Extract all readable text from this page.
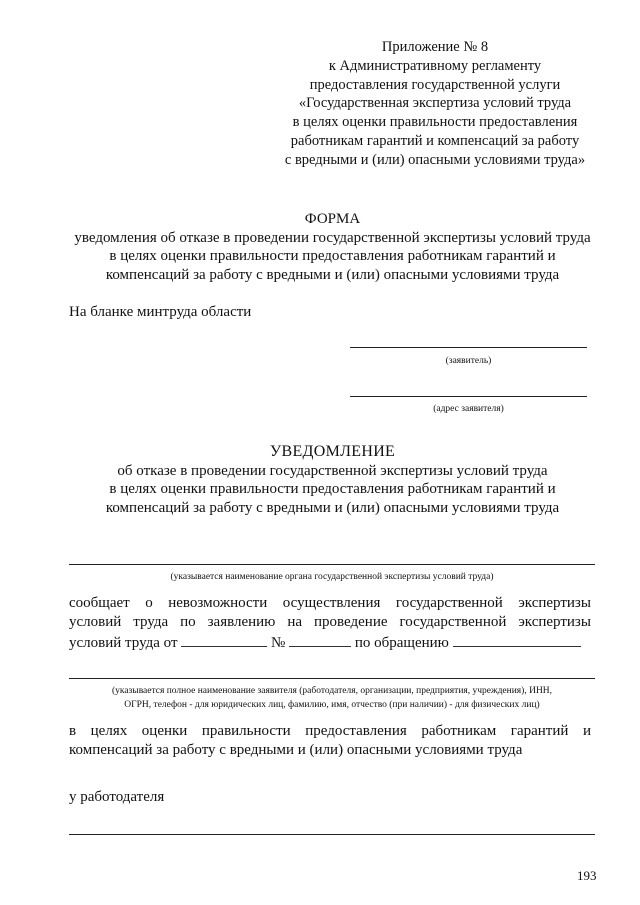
Приложение № 8
к Административному регламенту
предоставления государственной услуги
«Государственная экспертиза условий труда
в целях оценки правильности предоставления
работникам гарантий и компенсаций за работу
с вредными и (или) опасными условиями труда»
ФОРМА
уведомления об отказе в проведении государственной экспертизы условий труда
в целях оценки правильности предоставления работникам гарантий и
компенсаций за работу с вредными и (или) опасными условиями труда
На бланке минтруда области
(заявитель)
(адрес заявителя)
УВЕДОМЛЕНИЕ
об отказе в проведении государственной экспертизы условий труда
в целях оценки правильности предоставления работникам гарантий и
компенсаций за работу с вредными и (или) опасными условиями труда
(указывается наименование органа государственной экспертизы условий труда)
сообщает о невозможности осуществления государственной экспертизы
условий труда по заявлению на проведение государственной экспертизы
условий труда от	№	по обращению
(указывается полное наименование заявителя (работодателя, организации, предприятия, учреждения), ИНН,
ОГРН, телефон - для юридических лиц, фамилию, имя, отчество (при наличии) - для физических лиц)
в целях оценки правильности предоставления работникам гарантий и
компенсаций за работу с вредными и (или) опасными условиями труда
у работодателя
193
